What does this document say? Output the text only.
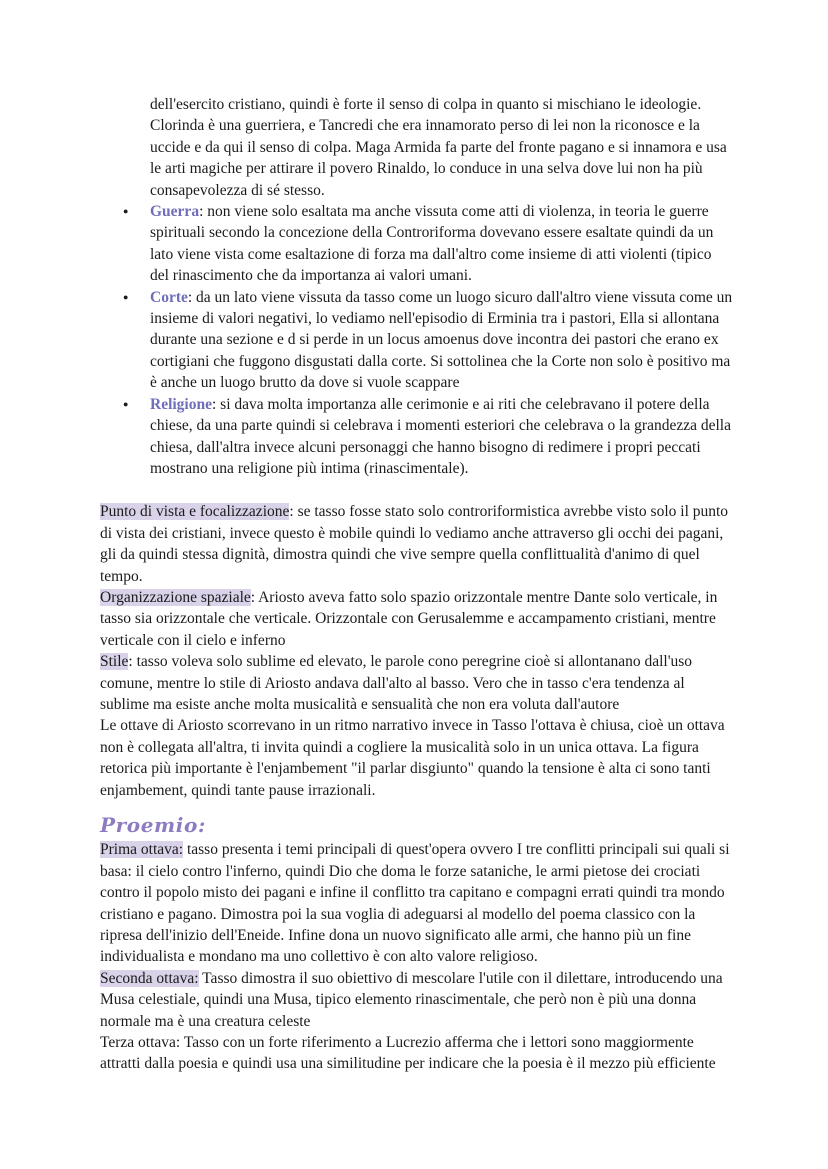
dell'esercito cristiano, quindi è forte il senso di colpa in quanto si mischiano le ideologie. Clorinda è una guerriera, e Tancredi che era innamorato perso di lei non la riconosce e la uccide e da qui il senso di colpa. Maga Armida fa parte del fronte pagano e si innamora e usa le arti magiche per attirare il povero Rinaldo, lo conduce in una selva dove lui non ha più consapevolezza di sé stesso.

●	Guerra: non viene solo esaltata ma anche vissuta come atti di violenza, in teoria le guerre spirituali secondo la concezione della Controriforma dovevano essere esaltate quindi da un lato viene vista come esaltazione di forza ma dall'altro come insieme di atti violenti (tipico del rinascimento che da importanza ai valori umani.
●	Corte: da un lato viene vissuta da tasso come un luogo sicuro dall'altro viene vissuta come un insieme di valori negativi, lo vediamo nell'episodio di Erminia tra i pastori, Ella si allontana durante una sezione e d si perde in un locus amoenus dove incontra dei pastori che erano ex cortigiani che fuggono disgustati dalla corte. Si sottolinea che la Corte non solo è positivo ma è anche un luogo brutto da dove si vuole scappare
●	Religione: si dava molta importanza alle cerimonie e ai riti che celebravano il potere della chiese, da una parte quindi si celebrava i momenti esteriori che celebrava o la grandezza della chiesa, dall'altra invece alcuni personaggi che hanno bisogno di redimere i propri peccati mostrano una religione più intima (rinascimentale).

Punto di vista e focalizzazione: se tasso fosse stato solo controriformistica avrebbe visto solo il punto di vista dei cristiani, invece questo è mobile quindi lo vediamo anche attraverso gli occhi dei pagani, gli da quindi stessa dignità, dimostra quindi che vive sempre quella conflittualità d'animo di quel tempo.

Organizzazione spaziale: Ariosto aveva fatto solo spazio orizzontale mentre Dante solo verticale, in tasso sia orizzontale che verticale. Orizzontale con Gerusalemme e accampamento cristiani, mentre verticale con il cielo e inferno

Stile: tasso voleva solo sublime ed elevato, le parole cono peregrine cioè si allontanano dall'uso comune, mentre lo stile di Ariosto andava dall'alto al basso. Vero che in tasso c'era tendenza al sublime ma esiste anche molta musicalità e sensualità che non era voluta dall'autore

Le ottave di Ariosto scorrevano in un ritmo narrativo invece in Tasso l'ottava è chiusa, cioè un ottava non è collegata all'altra, ti invita quindi a cogliere la musicalità solo in un unica ottava. La figura retorica più importante è l'enjambement "il parlar disgiunto" quando la tensione è alta ci sono tanti enjambement, quindi tante pause irrazionali.

Proemio:

Prima ottava: tasso presenta i temi principali di quest'opera ovvero I tre conflitti principali sui quali si basa: il cielo contro l'inferno, quindi Dio che doma le forze sataniche, le armi pietose dei crociati contro il popolo misto dei pagani e infine il conflitto tra capitano e compagni errati quindi tra mondo cristiano e pagano. Dimostra poi la sua voglia di adeguarsi al modello del poema classico con la ripresa dell'inizio dell'Eneide. Infine dona un nuovo significato alle armi, che hanno più un fine individualista e mondano ma uno collettivo è con alto valore religioso.

Seconda ottava: Tasso dimostra il suo obiettivo di mescolare l'utile con il dilettare, introducendo una Musa celestiale, quindi una Musa, tipico elemento rinascimentale, che però non è più una donna normale ma è una creatura celeste

Terza ottava: Tasso con un forte riferimento a Lucrezio afferma che i lettori sono maggiormente attratti dalla poesia e quindi usa una similitudine per indicare che la poesia è il mezzo più efficiente
